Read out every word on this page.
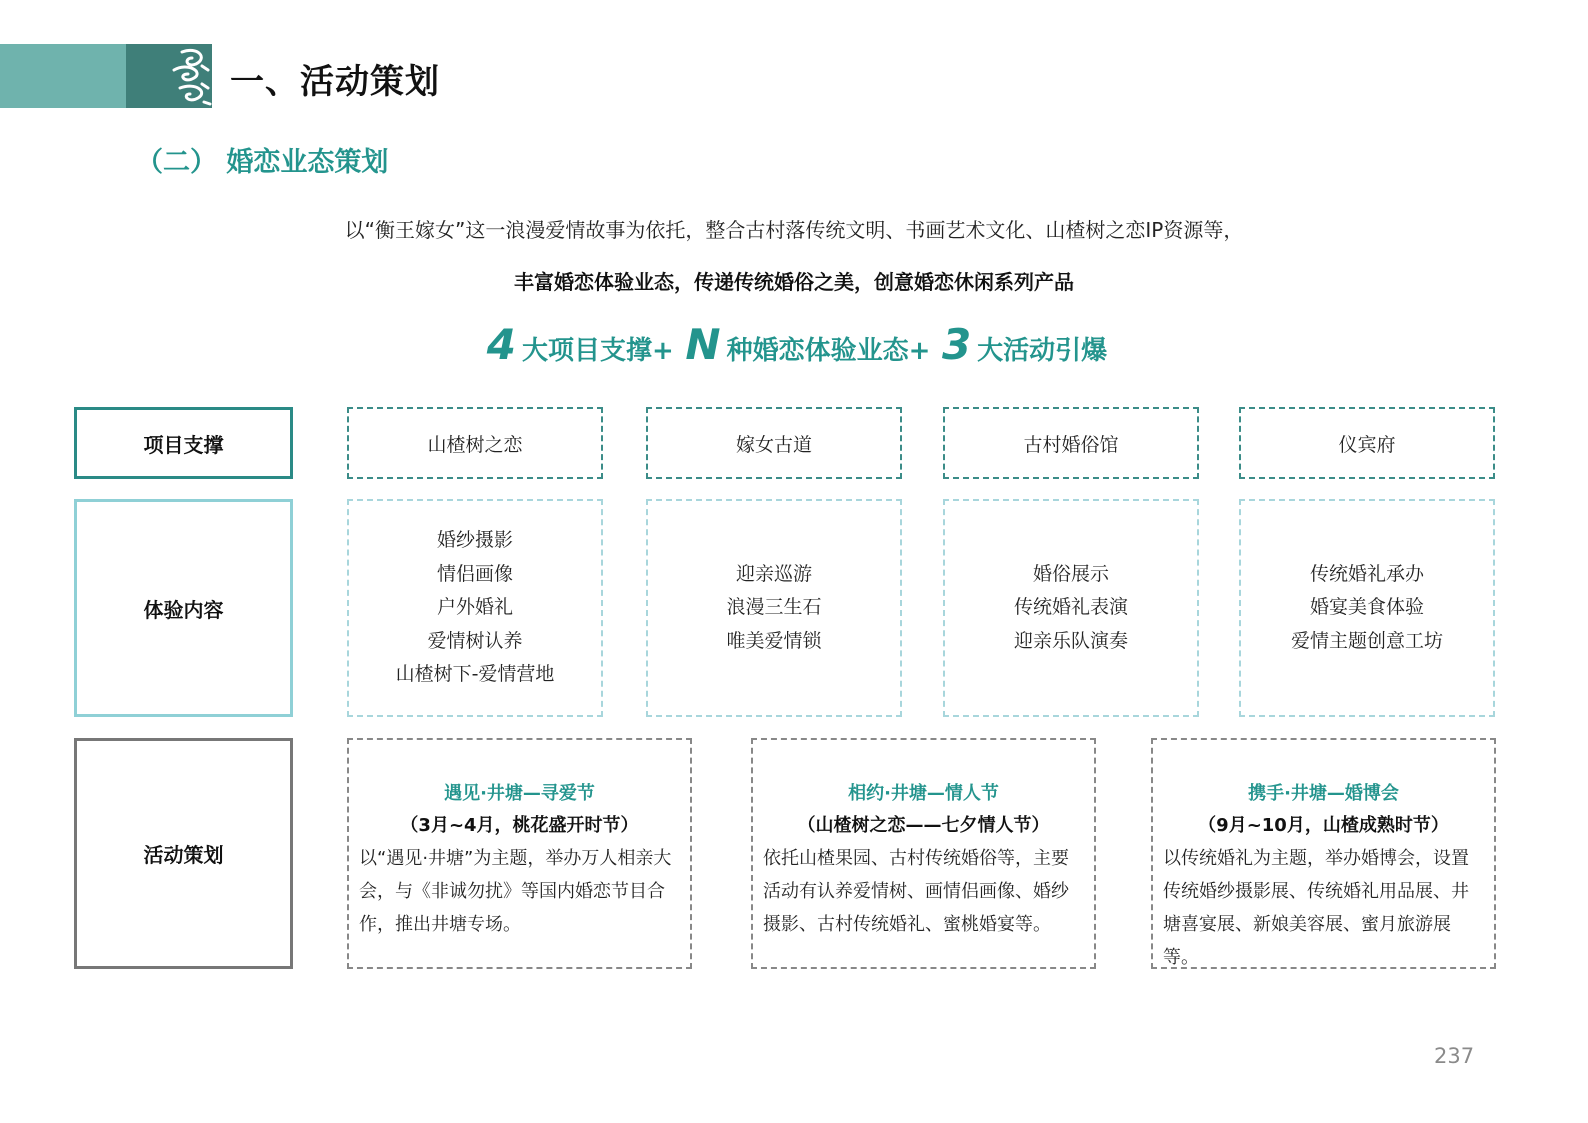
一、活动策划
（二） 婚恋业态策划
以“衡王嫁女”这一浪漫爱情故事为依托，整合古村落传统文明、书画艺术文化、山楂树之恋IP资源等，
丰富婚恋体验业态，传递传统婚俗之美，创意婚恋休闲系列产品
4 大项目支撑+ N 种婚恋体验业态+ 3 大活动引爆
项目支撑
体验内容
活动策划
山楂树之恋	嫁女古道	古村婚俗馆	仪宾府
婚纱摄影
情侣画像
户外婚礼
爱情树认养
山楂树下-爱情营地
迎亲巡游
浪漫三生石
唯美爱情锁
婚俗展示
传统婚礼表演
迎亲乐队演奏
传统婚礼承办
婚宴美食体验
爱情主题创意工坊
遇见·井塘—寻爱节
（3月~4月，桃花盛开时节）
以“遇见·井塘”为主题，举办万人相亲大会，与《非诚勿扰》等国内婚恋节目合作，推出井塘专场。
相约·井塘—情人节
（山楂树之恋——七夕情人节）
依托山楂果园、古村传统婚俗等，主要活动有认养爱情树、画情侣画像、婚纱摄影、古村传统婚礼、蜜桃婚宴等。
携手·井塘—婚博会
（9月~10月，山楂成熟时节）
以传统婚礼为主题，举办婚博会，设置传统婚纱摄影展、传统婚礼用品展、井塘喜宴展、新娘美容展、蜜月旅游展等。
237
